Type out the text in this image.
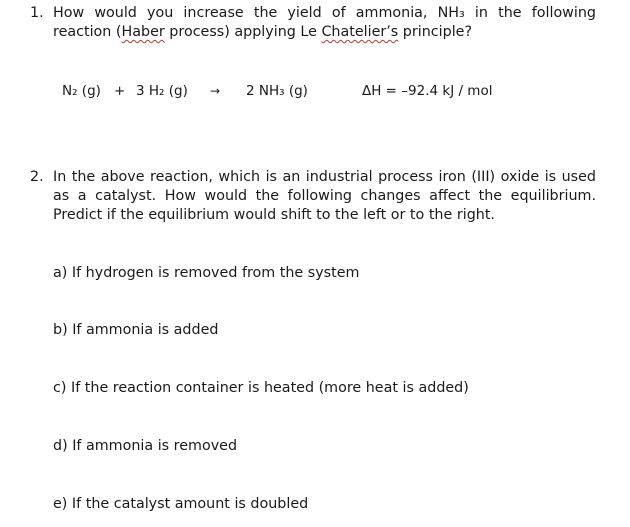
1. How would you increase the yield of ammonia, NH₃ in the following reaction (Haber process) applying Le Chatelier’s principle?
N₂ (g) + 3 H₂ (g) → 2 NH₃ (g)	ΔH = –92.4 kJ / mol
2. In the above reaction, which is an industrial process iron (III) oxide is used as a catalyst. How would the following changes affect the equilibrium. Predict if the equilibrium would shift to the left or to the right.
a) If hydrogen is removed from the system
b) If ammonia is added
c) If the reaction container is heated (more heat is added)
d) If ammonia is removed
e) If the catalyst amount is doubled
